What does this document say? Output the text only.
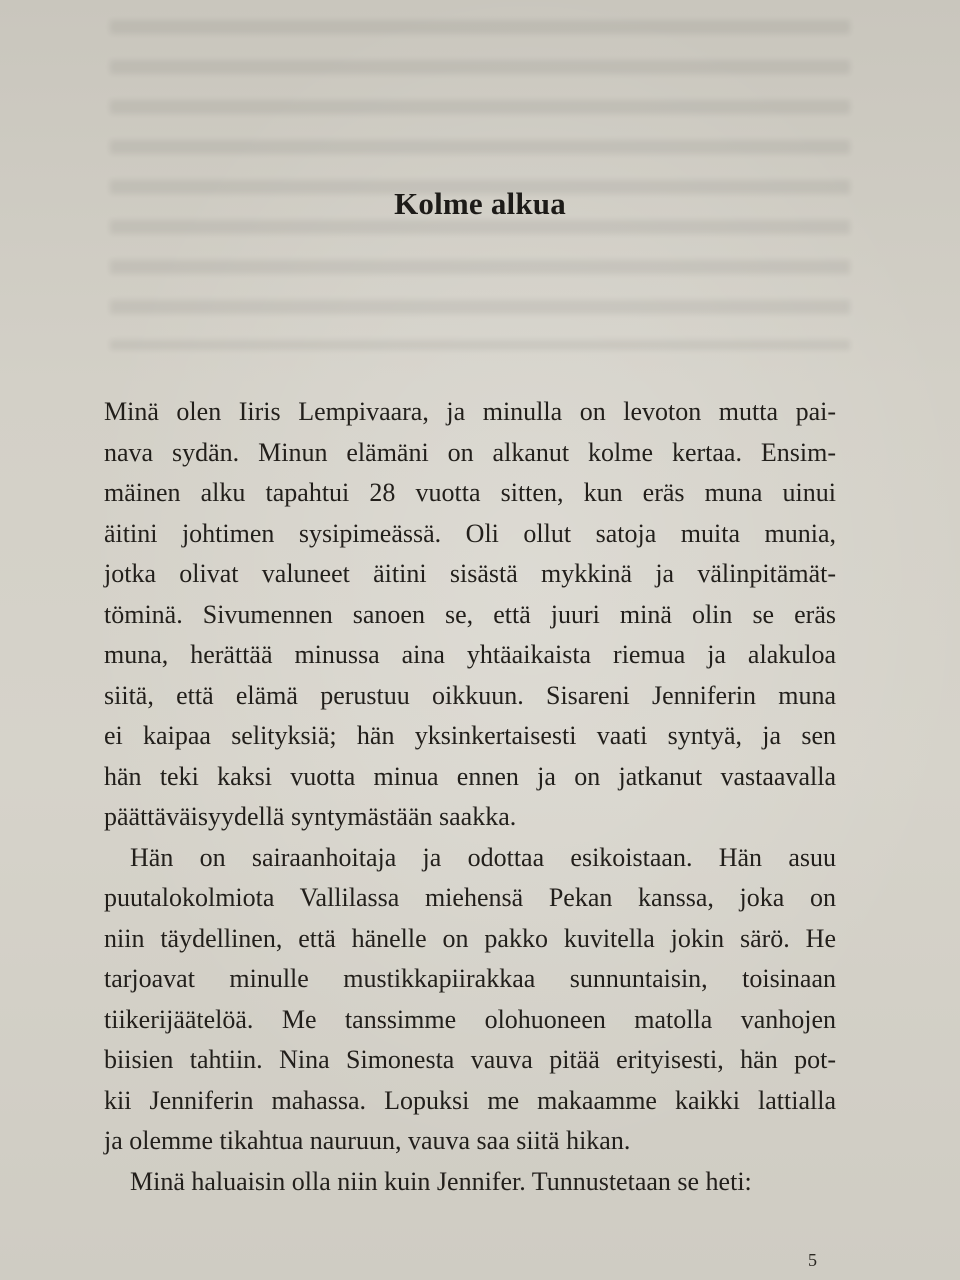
Kolme alkua
Minä olen Iiris Lempivaara, ja minulla on levoton mutta pai-
nava sydän. Minun elämäni on alkanut kolme kertaa. Ensim-
mäinen alku tapahtui 28 vuotta sitten, kun eräs muna uinui
äitini johtimen sysipimeässä. Oli ollut satoja muita munia,
jotka olivat valuneet äitini sisästä mykkinä ja välinpitämät-
töminä. Sivumennen sanoen se, että juuri minä olin se eräs
muna, herättää minussa aina yhtäaikaista riemua ja alakuloa
siitä, että elämä perustuu oikkuun. Sisareni Jenniferin muna
ei kaipaa selityksiä; hän yksinkertaisesti vaati syntyä, ja sen
hän teki kaksi vuotta minua ennen ja on jatkanut vastaavalla
päättäväisyydellä syntymästään saakka.
Hän on sairaanhoitaja ja odottaa esikoistaan. Hän asuu
puutalokolmiota Vallilassa miehensä Pekan kanssa, joka on
niin täydellinen, että hänelle on pakko kuvitella jokin särö. He
tarjoavat minulle mustikkapiirakkaa sunnuntaisin, toisinaan
tiikerijäätelöä. Me tanssimme olohuoneen matolla vanhojen
biisien tahtiin. Nina Simonesta vauva pitää erityisesti, hän pot-
kii Jenniferin mahassa. Lopuksi me makaamme kaikki lattialla
ja olemme tikahtua nauruun, vauva saa siitä hikan.
Minä haluaisin olla niin kuin Jennifer. Tunnustetaan se heti:
5
